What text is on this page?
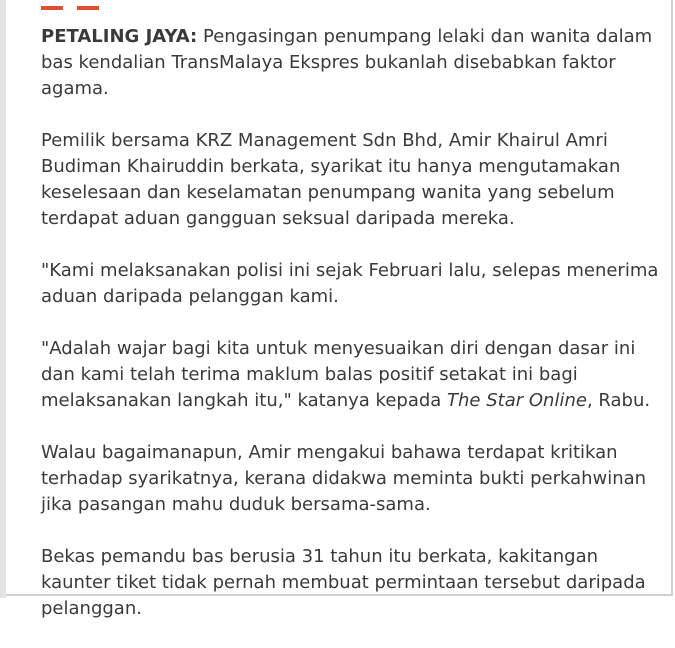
PETALING JAYA: Pengasingan penumpang lelaki dan wanita dalam bas kendalian TransMalaya Ekspres bukanlah disebabkan faktor agama.

Pemilik bersama KRZ Management Sdn Bhd, Amir Khairul Amri Budiman Khairuddin berkata, syarikat itu hanya mengutamakan keselesaan dan keselamatan penumpang wanita yang sebelum terdapat aduan gangguan seksual daripada mereka.

"Kami melaksanakan polisi ini sejak Februari lalu, selepas menerima aduan daripada pelanggan kami.

"Adalah wajar bagi kita untuk menyesuaikan diri dengan dasar ini dan kami telah terima maklum balas positif setakat ini bagi melaksanakan langkah itu," katanya kepada The Star Online, Rabu.

Walau bagaimanapun, Amir mengakui bahawa terdapat kritikan terhadap syarikatnya, kerana didakwa meminta bukti perkahwinan jika pasangan mahu duduk bersama-sama.

Bekas pemandu bas berusia 31 tahun itu berkata, kakitangan kaunter tiket tidak pernah membuat permintaan tersebut daripada pelanggan.
